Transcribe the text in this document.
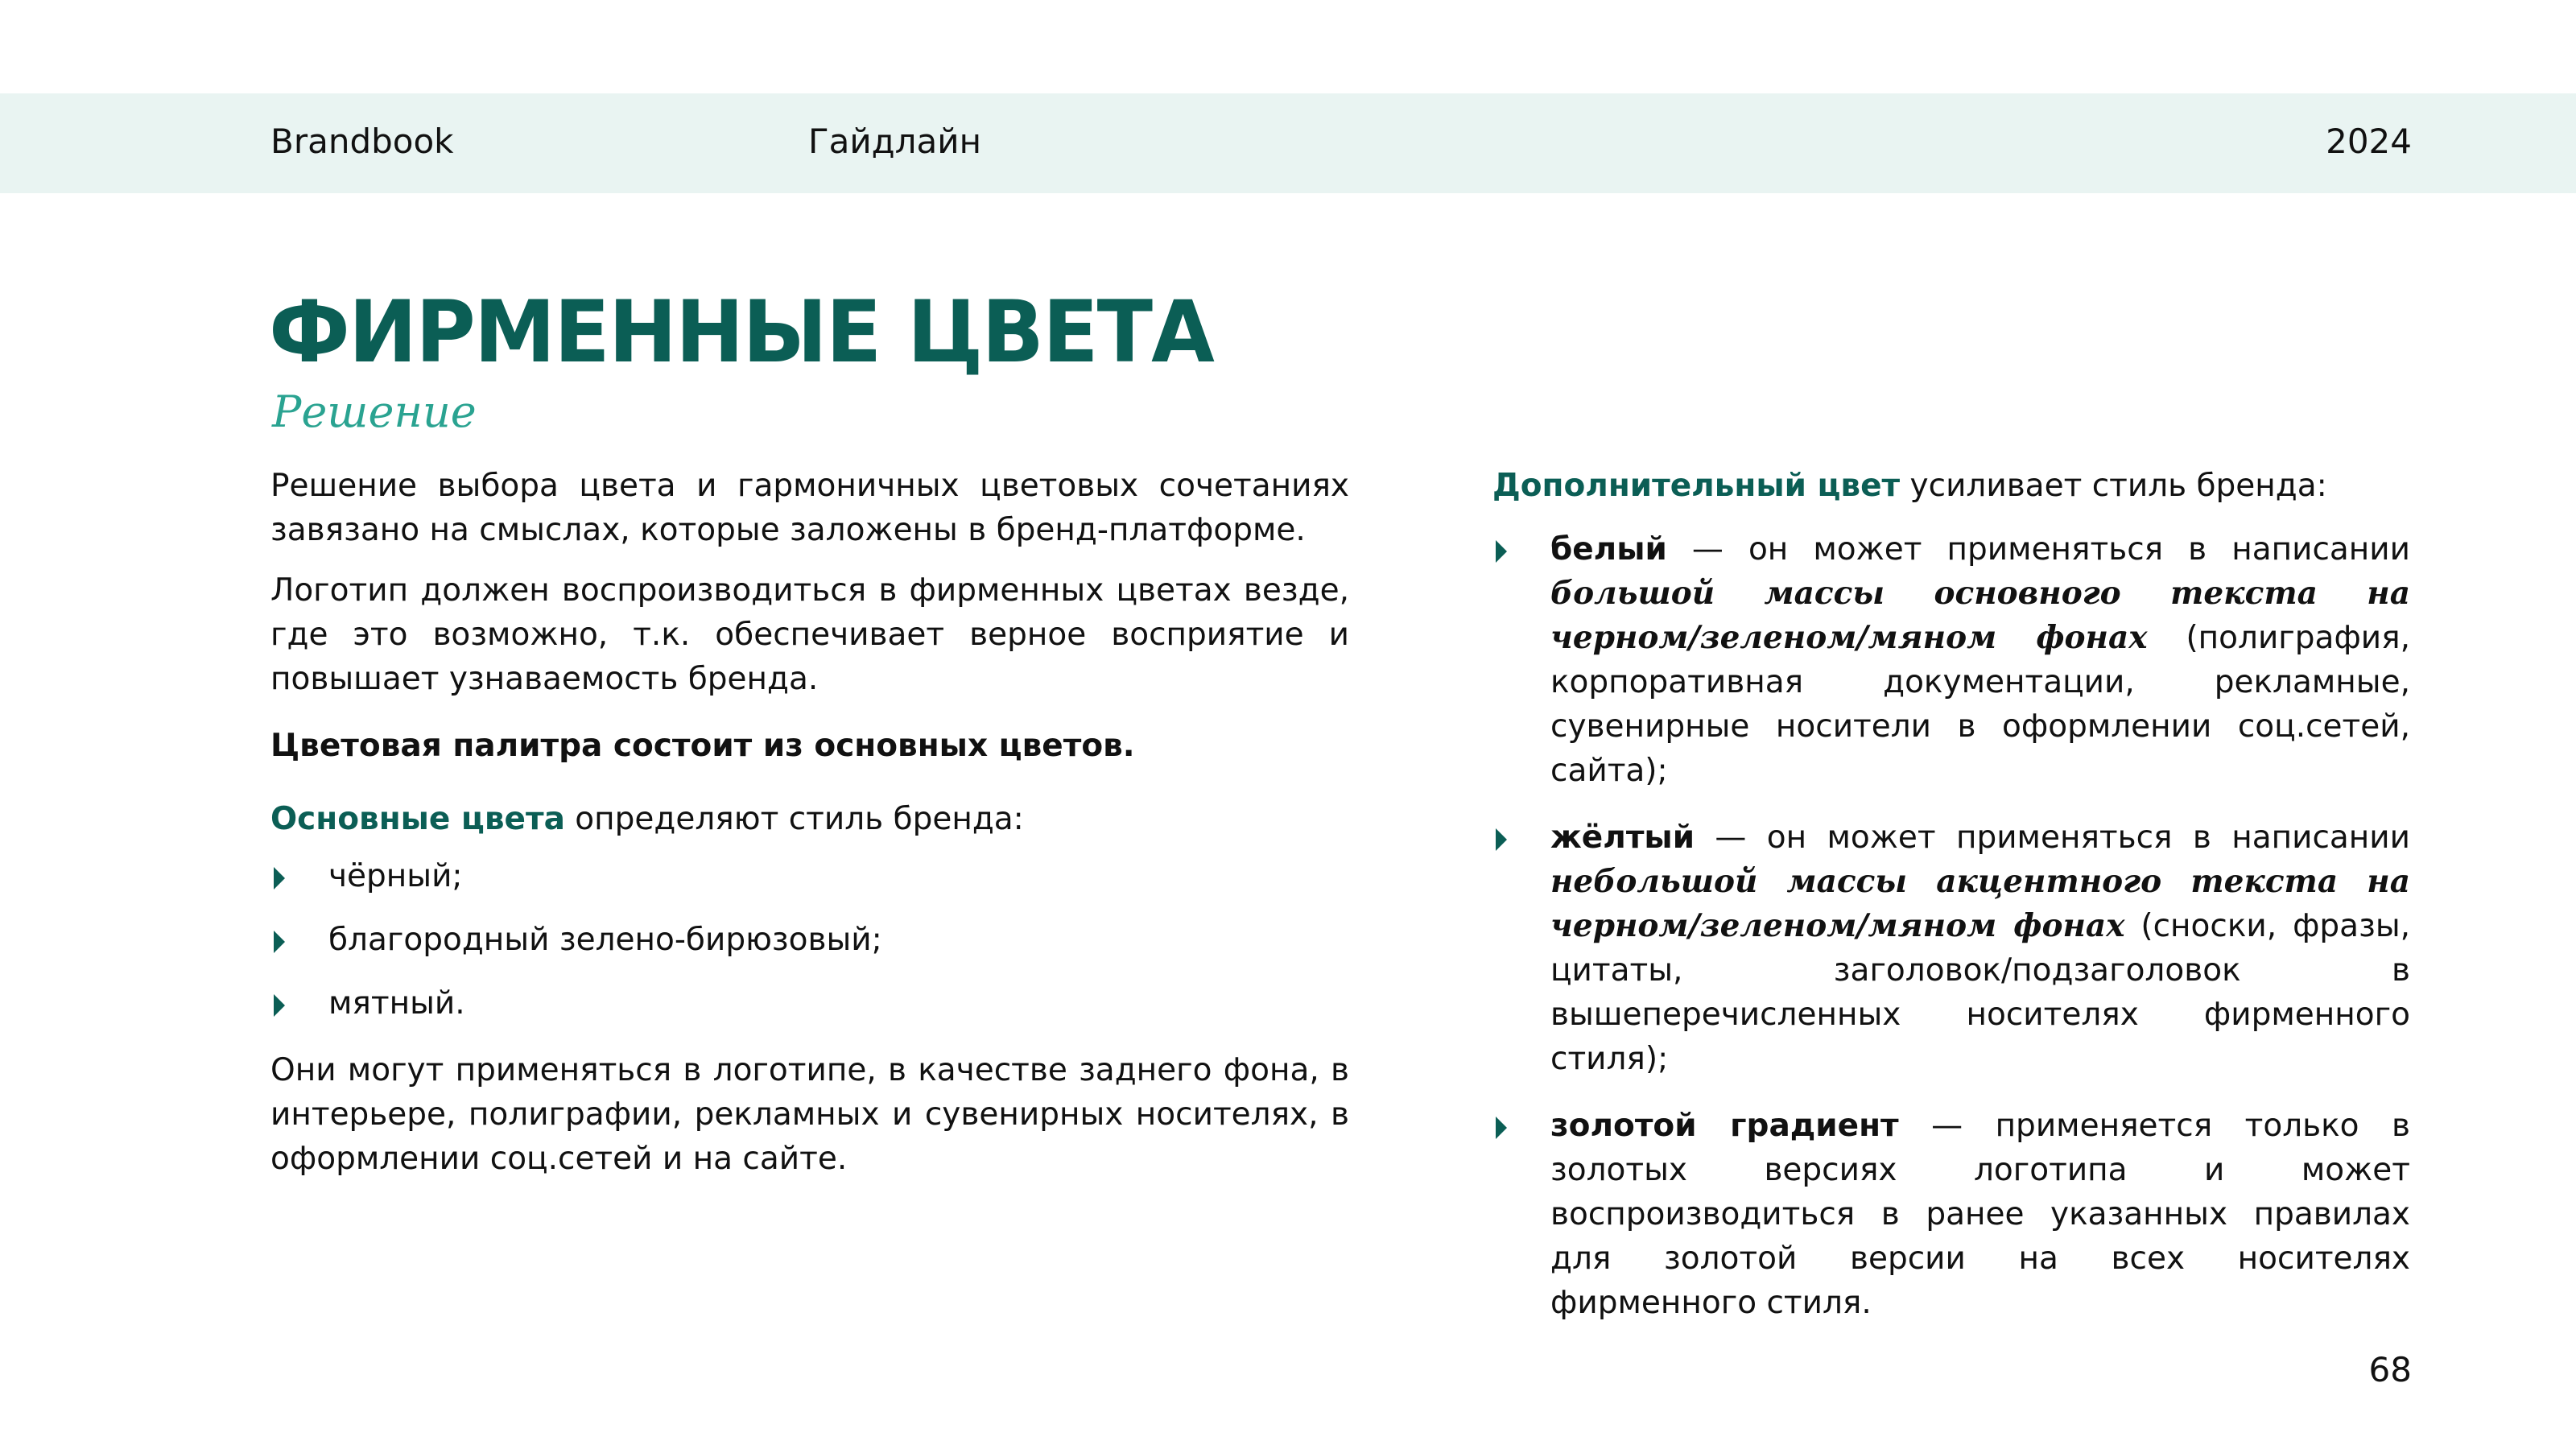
Brandbook	Гайдлайн	2024
ФИРМЕННЫЕ ЦВЕТА
Решение

Решение выбора цвета и гармоничных цветовых сочетаниях завязано на смыслах, которые заложены в бренд-платформе.

Логотип должен воспроизводиться в фирменных цветах везде, где это возможно, т.к. обеспечивает верное восприятие и повышает узнаваемость бренда.

Цветовая палитра состоит из основных цветов.

Основные цвета определяют стиль бренда:

чёрный;
благородный зелено-бирюзовый;
мятный.

Они могут применяться в логотипе, в качестве заднего фона, в интерьере, полиграфии, рекламных и сувенирных носителях, в оформлении соц.сетей и на сайте.

Дополнительный цвет усиливает стиль бренда:

белый — он может применяться в написании большой массы основного текста на черном/зеленом/мяном фонах (полиграфия, корпоративная документации, рекламные, сувенирные носители в оформлении соц.сетей, сайта);
жёлтый — он может применяться в написании небольшой массы акцентного текста на черном/зеленом/мяном фонах (сноски, фразы, цитаты, заголовок/подзаголовок в вышеперечисленных носителях фирменного стиля);
золотой градиент — применяется только в золотых версиях логотипа и может воспроизводиться в ранее указанных правилах для золотой версии на всех носителях фирменного стиля.
68
